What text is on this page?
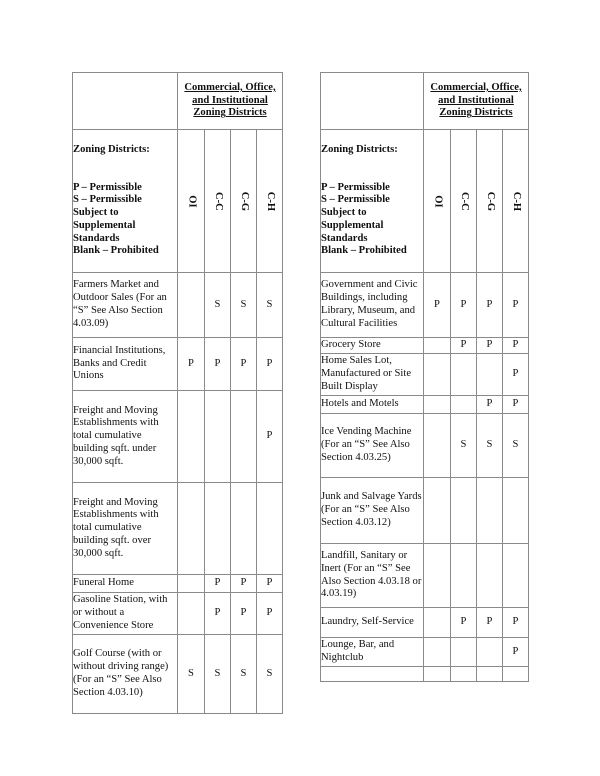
	Commercial, Office, and Institutional Zoning Districts			

Zoning Districts:
P – Permissible
S – Permissible Subject to Supplemental Standards
Blank – Prohibited	OI	C-C	C-G	C-H
Farmers Market and Outdoor Sales (For an “S” See Also Section 4.03.09)		S	S	S
Financial Institutions, Banks and Credit Unions	P	P	P	P
Freight and Moving Establishments with total cumulative building sqft. under 30,000 sqft.				P
Freight and Moving Establishments with total cumulative building sqft. over 30,000 sqft.				
Funeral Home		P	P	P
Gasoline Station, with or without a Convenience Store		P	P	P
Golf Course (with or without driving range) (For an “S” See Also Section 4.03.10)	S	S	S	S
	Commercial, Office, and Institutional Zoning Districts			

Zoning Districts:
P – Permissible
S – Permissible Subject to Supplemental Standards
Blank – Prohibited	OI	C-C	C-G	C-H
Government and Civic Buildings, including Library, Museum, and Cultural Facilities	P	P	P	P
Grocery Store		P	P	P
Home Sales Lot, Manufactured or Site Built Display				P
Hotels and Motels			P	P
Ice Vending Machine (For an “S” See Also Section 4.03.25)		S	S	S
Junk and Salvage Yards (For an “S” See Also Section 4.03.12)				
Landfill, Sanitary or Inert (For an “S” See Also Section 4.03.18 or 4.03.19)				
Laundry, Self-Service		P	P	P
Lounge, Bar, and Nightclub				P
